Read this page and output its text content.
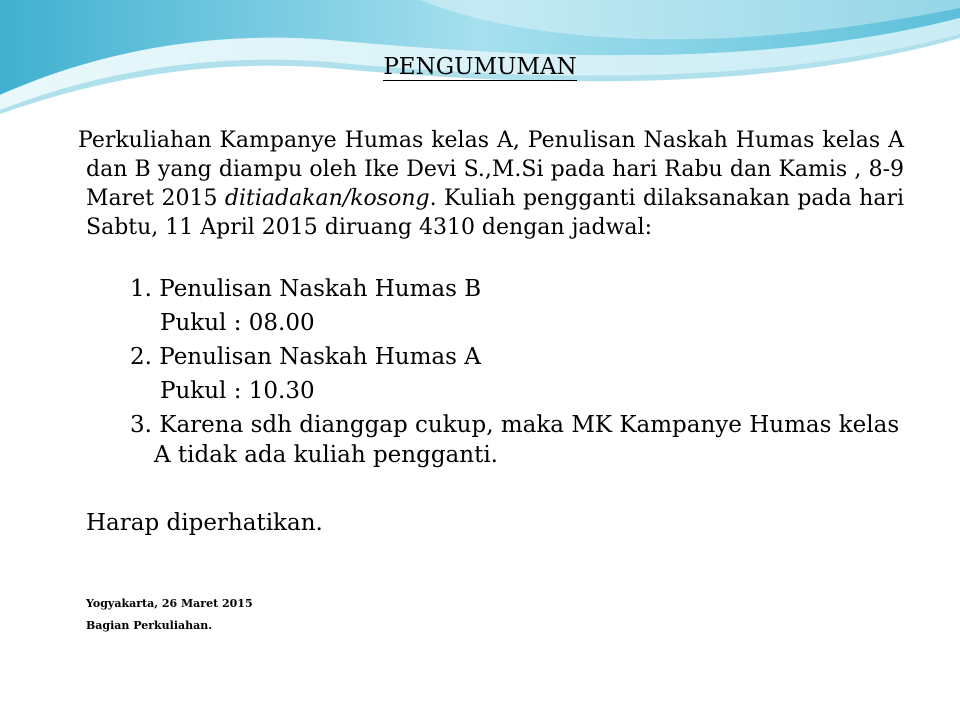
PENGUMUMAN

Perkuliahan Kampanye Humas kelas A, Penulisan Naskah Humas kelas A dan B yang diampu oleh Ike Devi S.,M.Si pada hari Rabu dan Kamis , 8-9 Maret 2015 ditiadakan/kosong. Kuliah pengganti dilaksanakan pada hari Sabtu, 11 April 2015 diruang 4310 dengan jadwal:

1. Penulisan Naskah Humas B

Pukul : 08.00

2. Penulisan Naskah Humas A

Pukul : 10.30

3. Karena sdh dianggap cukup, maka MK Kampanye Humas kelas A tidak ada kuliah pengganti.

Harap diperhatikan.
Yogyakarta, 26 Maret 2015
Bagian Perkuliahan.
